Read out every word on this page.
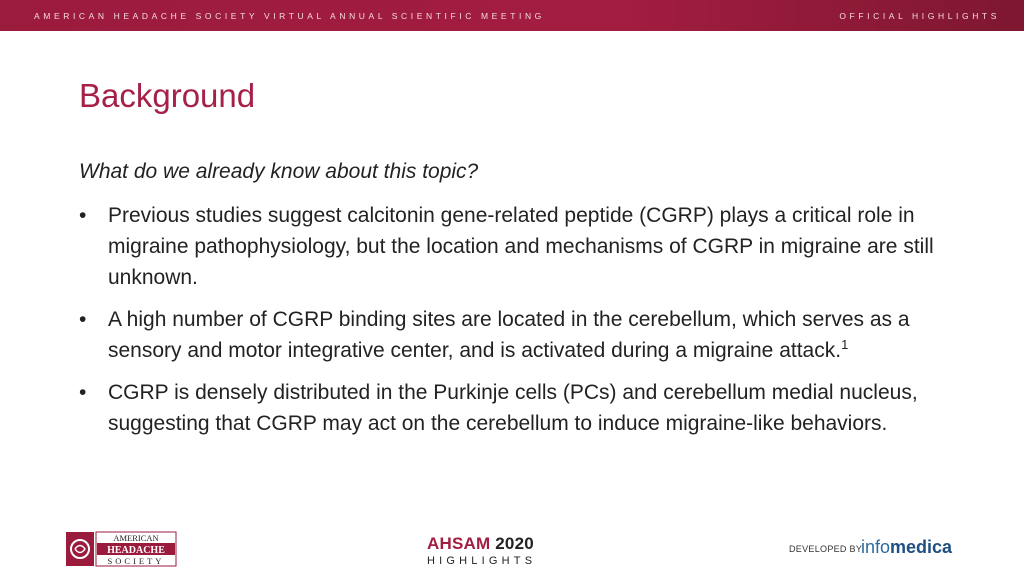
AMERICAN HEADACHE SOCIETY VIRTUAL ANNUAL SCIENTIFIC MEETING	OFFICIAL HIGHLIGHTS
Background
What do we already know about this topic?
• Previous studies suggest calcitonin gene-related peptide (CGRP) plays a critical role in migraine pathophysiology, but the location and mechanisms of CGRP in migraine are still unknown.
• A high number of CGRP binding sites are located in the cerebellum, which serves as a sensory and motor integrative center, and is activated during a migraine attack.$^1$
• CGRP is densely distributed in the Purkinje cells (PCs) and cerebellum medial nucleus, suggesting that CGRP may act on the cerebellum to induce migraine-like behaviors.
AMERICAN
HEADACHE
SOCIETY
AHSAM 2020
HIGHLIGHTS
DEVELOPED BY
infomedica
